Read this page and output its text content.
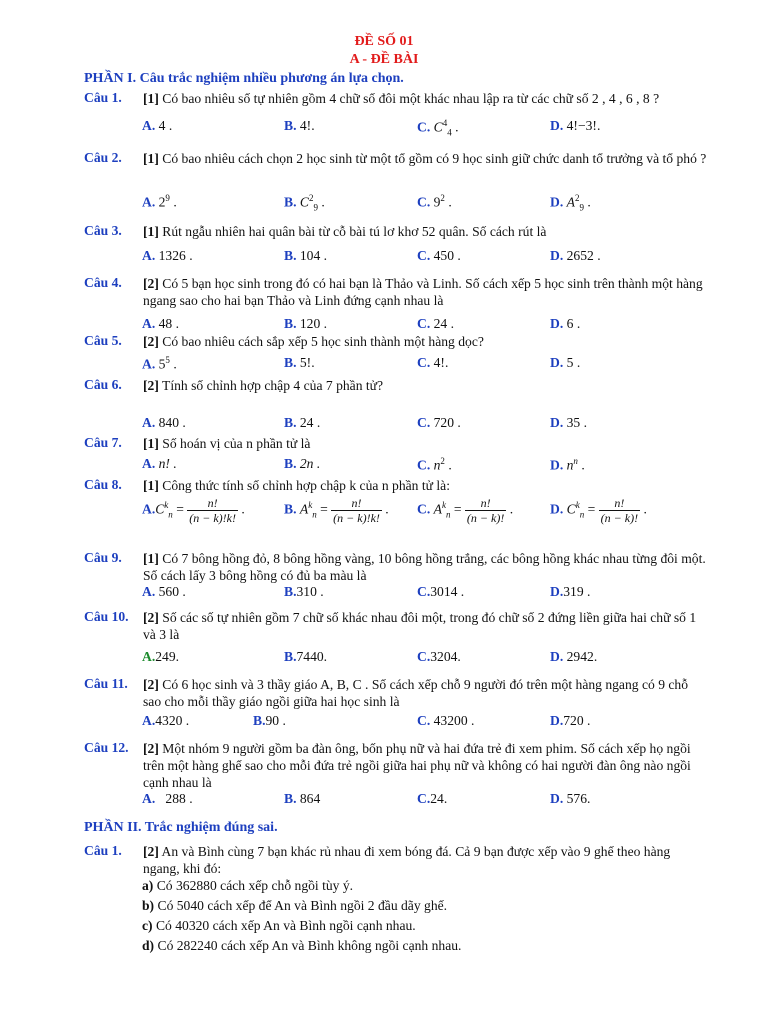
ĐỀ SỐ 01
A - ĐỀ BÀI
PHẦN I. Câu trắc nghiệm nhiều phương án lựa chọn.
Câu 1. [1] Có bao nhiêu số tự nhiên gồm 4 chữ số đôi một khác nhau lập ra từ các chữ số 2 , 4 , 6 , 8 ?
A. 4 .	B. 4!.	C. $C^4_4$ .	D. 4!−3!.
Câu 2. [1] Có bao nhiêu cách chọn 2 học sinh từ một tổ gồm có 9 học sinh giữ chức danh tổ trưởng và tổ phó ?
A. $2^9$ .	B. $C^2_9$ .	C. $9^2$ .	D. $A^2_9$ .
Câu 3. [1] Rút ngẫu nhiên hai quân bài từ cỗ bài tú lơ khơ 52 quân. Số cách rút là
A. 1326 .	B. 104 .	C. 450 .	D. 2652 .
Câu 4. [2] Có 5 bạn học sinh trong đó có hai bạn là Thảo và Linh. Số cách xếp 5 học sinh trên thành một hàng ngang sao cho hai bạn Thảo và Linh đứng cạnh nhau là
A. 48 .	B. 120 .	C. 24 .	D. 6 .
Câu 5. [2] Có bao nhiêu cách sắp xếp 5 học sinh thành một hàng dọc?
A. $5^5$ .	B. 5!.	C. 4!.	D. 5 .
Câu 6. [2] Tính số chỉnh hợp chập 4 của 7 phần tử?
A. 840 .	B. 24 .	C. 720 .	D. 35 .
Câu 7. [1] Số hoán vị của n phần tử là
A. n! .	B. 2n .	C. $n^2$ .	D. $n^n$ .
Câu 8. [1] Công thức tính số chỉnh hợp chập k của n phần tử là:
$A.C^k_n = \frac{n!}{(n - k)!k!}$ .	B. $A^k_n = \frac{n!}{(n - k)!k!}$ . C. $A^k_n = \frac{n!}{(n - k)!}$ .	D. $C^k_n = \frac{n!}{(n - k)!}$ .
Câu 9. [1] Có 7 bông hồng đỏ, 8 bông hồng vàng, 10 bông hồng trắng, các bông hồng khác nhau từng đôi một. Số cách lấy 3 bông hồng có đủ ba màu là
A. 560 .	B.310 .	C.3014 .	D.319 .
Câu 10. [2] Số các số tự nhiên gồm 7 chữ số khác nhau đôi một, trong đó chữ số 2 đứng liền giữa hai chữ số 1 và 3 là
A.249.	B.7440.	C.3204.	D. 2942.
Câu 11. [2] Có 6 học sinh và 3 thầy giáo A, B, C . Số cách xếp chỗ 9 người đó trên một hàng ngang có 9 chỗ sao cho mỗi thầy giáo ngồi giữa hai học sinh là
A.4320 .	B.90 .	C. 43200 .	D.720 .
Câu 12. [2] Một nhóm 9 người gồm ba đàn ông, bốn phụ nữ và hai đứa trẻ đi xem phim. Số cách xếp họ ngồi trên một hàng ghế sao cho mỗi đứa trẻ ngồi giữa hai phụ nữ và không có hai người đàn ông nào ngồi cạnh nhau là
A. 288 .	B. 864	C.24.	D. 576.
PHẦN II. Trắc nghiệm đúng sai.
Câu 1. [2] An và Bình cùng 7 bạn khác rủ nhau đi xem bóng đá. Cả 9 bạn được xếp vào 9 ghế theo hàng ngang, khi đó:
a) Có 362880 cách xếp chỗ ngồi tùy ý.
b) Có 5040 cách xếp để An và Bình ngồi 2 đầu dãy ghế.
c) Có 40320 cách xếp An và Bình ngồi cạnh nhau.
d) Có 282240 cách xếp An và Bình không ngồi cạnh nhau.
